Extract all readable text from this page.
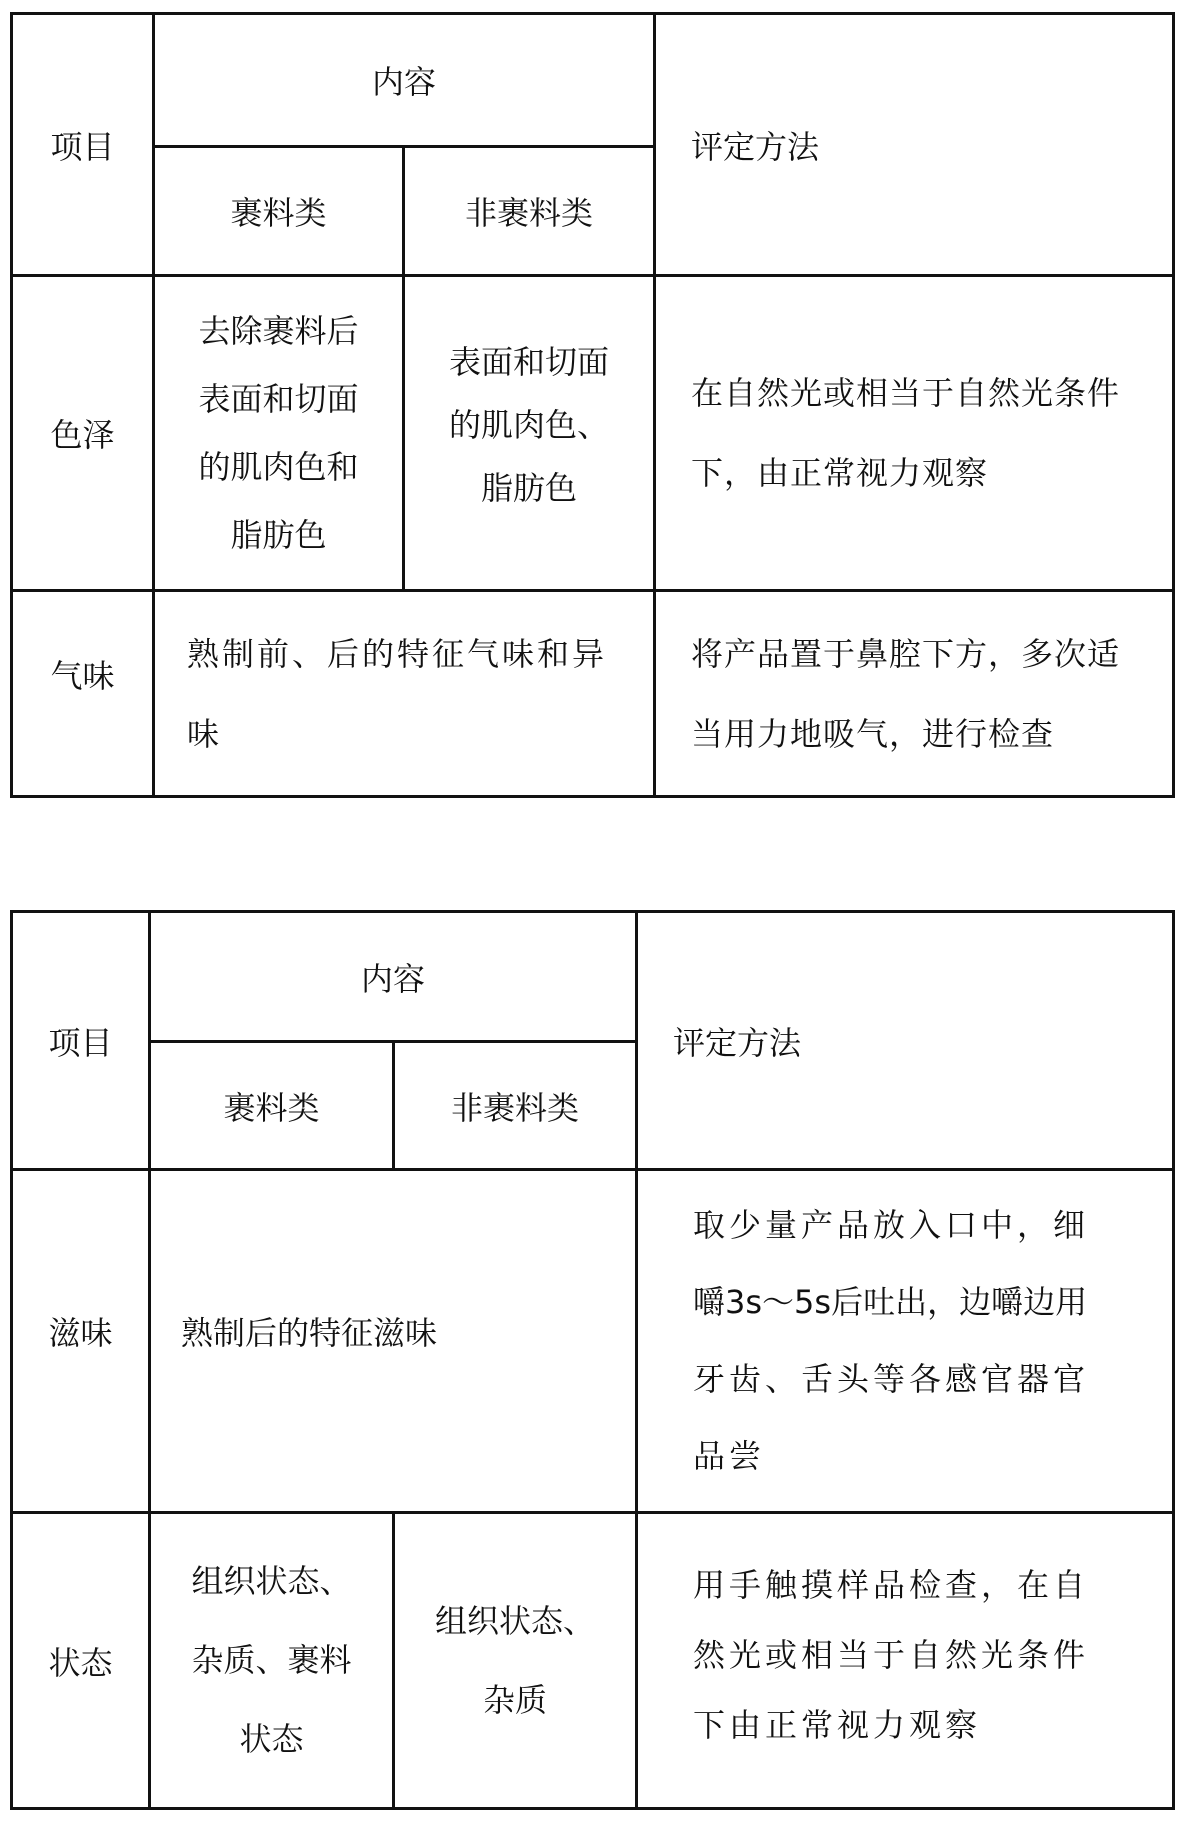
项目
内容
裹料类	非裹料类
评定方法
色泽
去除裹料后
表面和切面
的肌肉色和
脂肪色
表面和切面
的肌肉色、
脂肪色
在自然光或相当于自然光条件
下，由正常视力观察
气味
熟制前、后的特征气味和异
味
将产品置于鼻腔下方，多次适
当用力地吸气，进行检查
项目
内容
裹料类	非裹料类
评定方法
滋味 熟制后的特征滋味
取少量产品放入口中，细
嚼3s～5s后吐出，边嚼边用
牙齿、舌头等各感官器官
品尝
状态
组织状态、
杂质、裹料
状态
组织状态、
杂质
用手触摸样品检查，在自
然光或相当于自然光条件
下由正常视力观察
